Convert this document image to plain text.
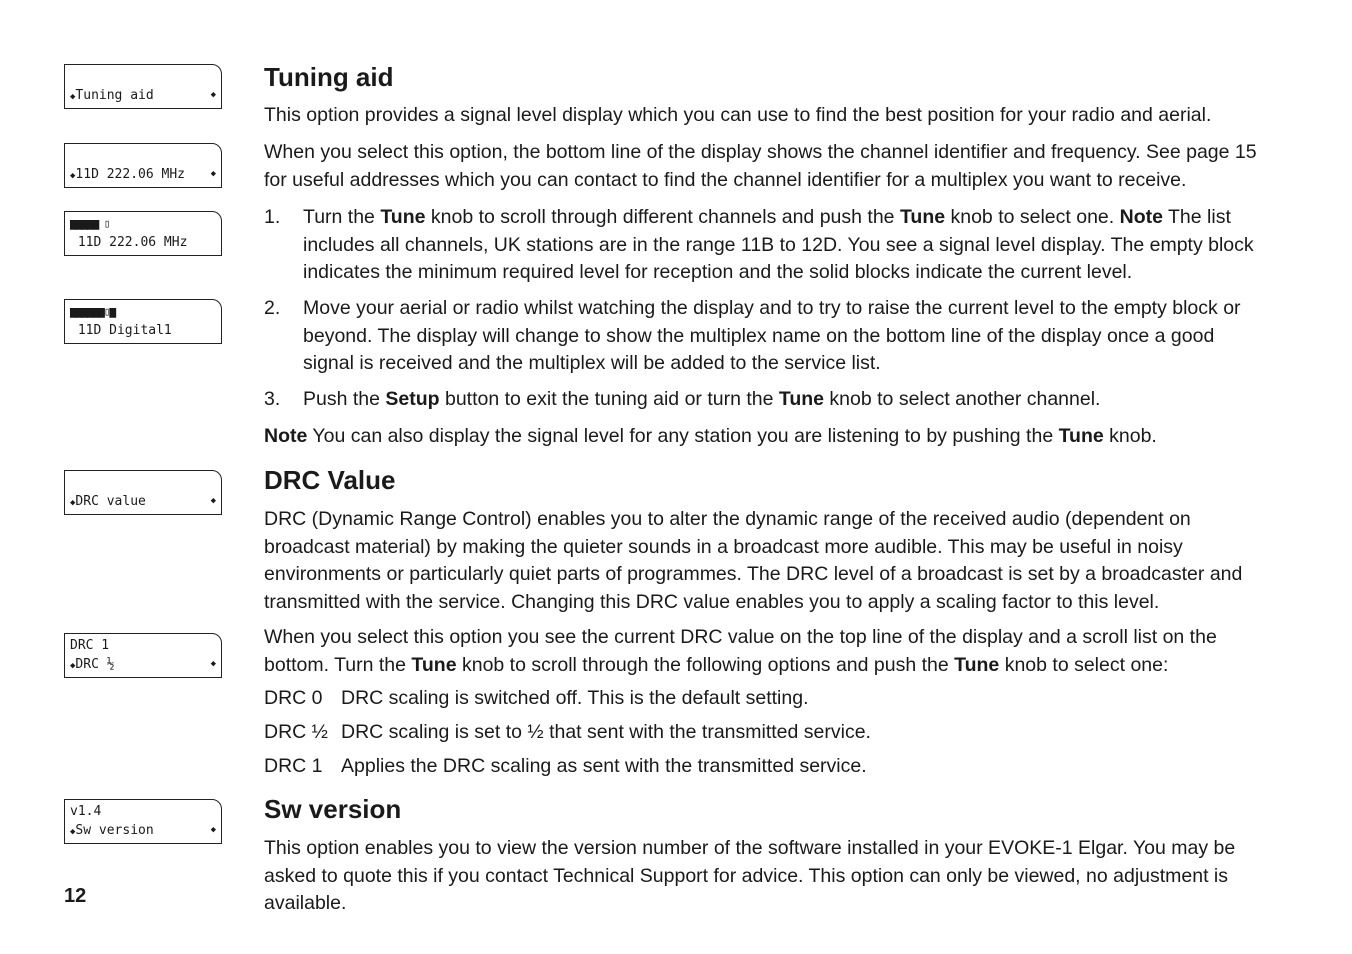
◆Tuning aid	◆
◆11D 222.06 MHz	◆
▆▆▆▆▆ ▯
11D 222.06 MHz
▆▆▆▆▆▆▯▆
11D Digital1
◆DRC value	◆
DRC 1
◆DRC ½	◆
v1.4
◆Sw version	◆
Tuning aid

This option provides a signal level display which you can use to find the best position for your radio and aerial.

When you select this option, the bottom line of the display shows the channel identifier and frequency. See page 15 for useful addresses which you can contact to find the channel identifier for a multiplex you want to receive.

1. Turn the Tune knob to scroll through different channels and push the Tune knob to select one. Note The list includes all channels, UK stations are in the range 11B to 12D. You see a signal level display. The empty block indicates the minimum required level for reception and the solid blocks indicate the current level.
2. Move your aerial or radio whilst watching the display and to try to raise the current level to the empty block or beyond. The display will change to show the multiplex name on the bottom line of the display once a good signal is received and the multiplex will be added to the service list.
3. Push the Setup button to exit the tuning aid or turn the Tune knob to select another channel.

Note You can also display the signal level for any station you are listening to by pushing the Tune knob.

DRC Value

DRC (Dynamic Range Control) enables you to alter the dynamic range of the received audio (dependent on broadcast material) by making the quieter sounds in a broadcast more audible. This may be useful in noisy environments or particularly quiet parts of programmes. The DRC level of a broadcast is set by a broadcaster and transmitted with the service. Changing this DRC value enables you to apply a scaling factor to this level.

When you select this option you see the current DRC value on the top line of the display and a scroll list on the bottom. Turn the Tune knob to scroll through the following options and push the Tune knob to select one:

DRC 0 DRC scaling is switched off. This is the default setting.
DRC ½ DRC scaling is set to ½ that sent with the transmitted service.
DRC 1 Applies the DRC scaling as sent with the transmitted service.
Sw version

This option enables you to view the version number of the software installed in your EVOKE-1 Elgar. You may be asked to quote this if you contact Technical Support for advice. This option can only be viewed, no adjustment is available.

12
